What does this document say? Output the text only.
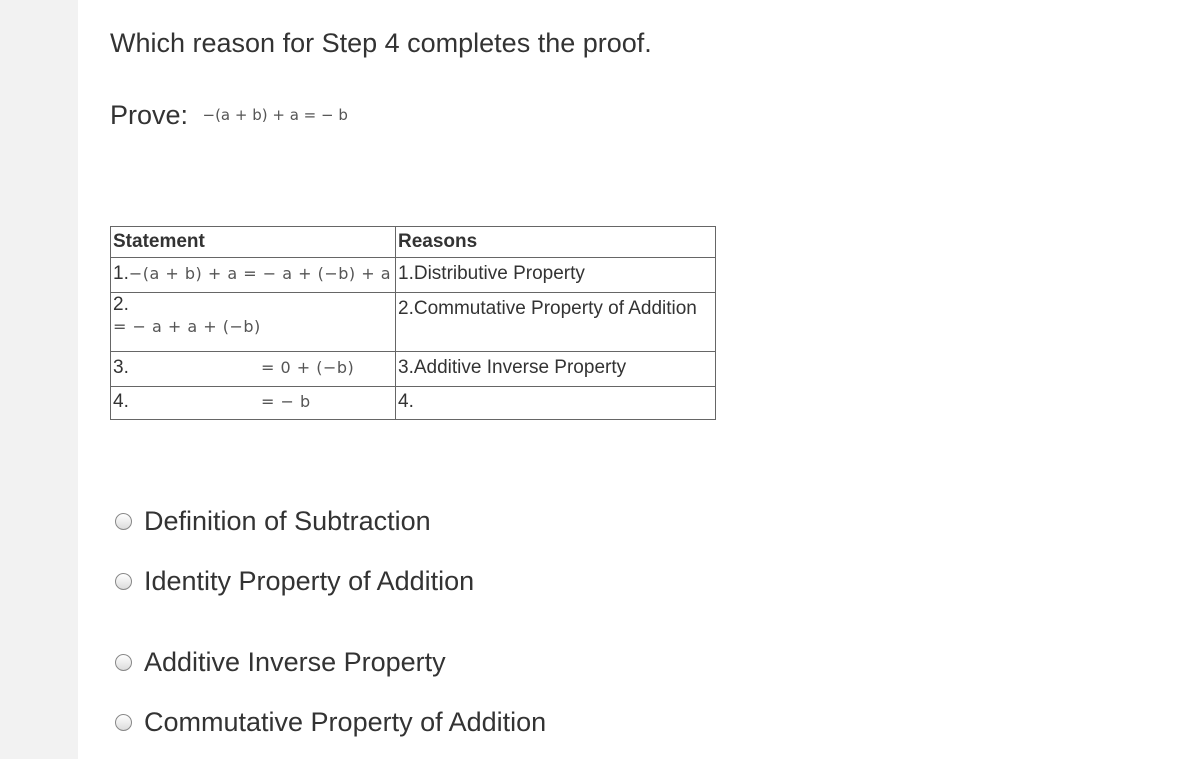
Which reason for Step 4 completes the proof.
Prove: −(a + b) + a = − b
Statement	Reasons
1.−(a + b) + a = − a + (−b) + a	1.Distributive Property

2.
= − a + a + (−b)	2.Commutative Property of Addition

3. = 0 + (−b)	3.Additive Inverse Property
4. = − b	4.
Definition of Subtraction
Identity Property of Addition
Additive Inverse Property
Commutative Property of Addition
